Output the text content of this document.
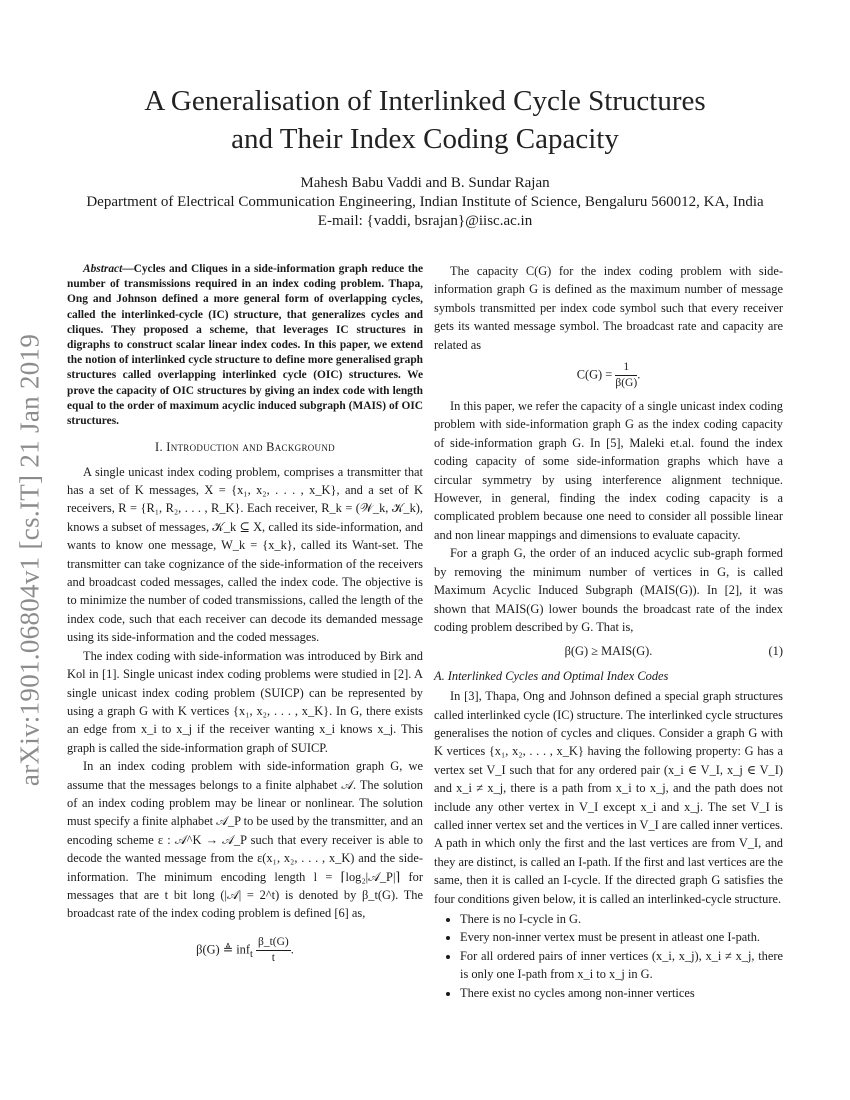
arXiv:1901.06804v1 [cs.IT] 21 Jan 2019
A Generalisation of Interlinked Cycle Structures
and Their Index Coding Capacity
Mahesh Babu Vaddi and B. Sundar Rajan
Department of Electrical Communication Engineering, Indian Institute of Science, Bengaluru 560012, KA, India
E-mail: {vaddi, bsrajan}@iisc.ac.in

Abstract—Cycles and Cliques in a side-information graph reduce the number of transmissions required in an index coding problem. Thapa, Ong and Johnson defined a more general form of overlapping cycles, called the interlinked-cycle (IC) structure, that generalizes cycles and cliques. They proposed a scheme, that leverages IC structures in digraphs to construct scalar linear index codes. In this paper, we extend the notion of interlinked cycle structure to define more generalised graph structures called overlapping interlinked cycle (OIC) structures. We prove the capacity of OIC structures by giving an index code with length equal to the order of maximum acyclic induced subgraph (MAIS) of OIC structures.

I. Introduction and Background

A single unicast index coding problem, comprises a transmitter that has a set of K messages, X = {x₁, x₂, . . . , x_K}, and a set of K receivers, R = {R₁, R₂, . . . , R_K}. Each receiver, R_k = (𝒲_k, 𝒦_k), knows a subset of messages, 𝒦_k ⊆ X, called its side-information, and wants to know one message, W_k = {x_k}, called its Want-set. The transmitter can take cognizance of the side-information of the receivers and broadcast coded messages, called the index code. The objective is to minimize the number of coded transmissions, called the length of the index code, such that each receiver can decode its demanded message using its side-information and the coded messages.

The index coding with side-information was introduced by Birk and Kol in [1]. Single unicast index coding problems were studied in [2]. A single unicast index coding problem (SUICP) can be represented by using a graph G with K vertices {x₁, x₂, . . . , x_K}. In G, there exists an edge from x_i to x_j if the receiver wanting x_i knows x_j. This graph is called the side-information graph of SUICP.

In an index coding problem with side-information graph G, we assume that the messages belongs to a finite alphabet 𝒜. The solution of an index coding problem may be linear or nonlinear. The solution must specify a finite alphabet 𝒜_P to be used by the transmitter, and an encoding scheme ε : 𝒜^K → 𝒜_P such that every receiver is able to decode the wanted message from the ε(x₁, x₂, . . . , x_K) and the side-information. The minimum encoding length l = ⌈log₂|𝒜_P|⌉ for messages that are t bit long (|𝒜| = 2^t) is denoted by β_t(G). The broadcast rate of the index coding problem is defined [6] as,

β(G) ≜ $inf_t \frac{\beta\_t(G)}{t}$ .

The capacity C(G) for the index coding problem with side-information graph G is defined as the maximum number of message symbols transmitted per index code symbol such that every receiver gets its wanted message symbol. The broadcast rate and capacity are related as

$C(G) = \frac{1}{\beta(G)}$ .

In this paper, we refer the capacity of a single unicast index coding problem with side-information graph G as the index coding capacity of side-information graph G. In [5], Maleki et.al. found the index coding capacity of some side-information graphs which have a circular symmetry by using interference alignment technique. However, in general, finding the index coding capacity is a complicated problem because one need to consider all possible linear and non linear mappings and dimensions to evaluate capacity.

For a graph G, the order of an induced acyclic sub-graph formed by removing the minimum number of vertices in G, is called Maximum Acyclic Induced Subgraph (MAIS(G)). In [2], it was shown that MAIS(G) lower bounds the broadcast rate of the index coding problem described by G. That is,

β(G) ≥ MAIS(G).	(1)
A. Interlinked Cycles and Optimal Index Codes

In [3], Thapa, Ong and Johnson defined a special graph structures called interlinked cycle (IC) structure. The interlinked cycle structures generalises the notion of cycles and cliques. Consider a graph G with K vertices {x₁, x₂, . . . , x_K} having the following property: G has a vertex set V_I such that for any ordered pair (x_i ∈ V_I, x_j ∈ V_I) and x_i ≠ x_j, there is a path from x_i to x_j, and the path does not include any other vertex in V_I except x_i and x_j. The set V_I is called inner vertex set and the vertices in V_I are called inner vertices. A path in which only the first and the last vertices are from V_I, and they are distinct, is called an I-path. If the first and last vertices are the same, then it is called an I-cycle. If the directed graph G satisfies the four conditions given below, it is called an interlinked-cycle structure.

• There is no I-cycle in G.
• Every non-inner vertex must be present in atleast one I-path.
• For all ordered pairs of inner vertices (x_i, x_j), x_i ≠ x_j, there is only one I-path from x_i to x_j in G.
• There exist no cycles among non-inner vertices
